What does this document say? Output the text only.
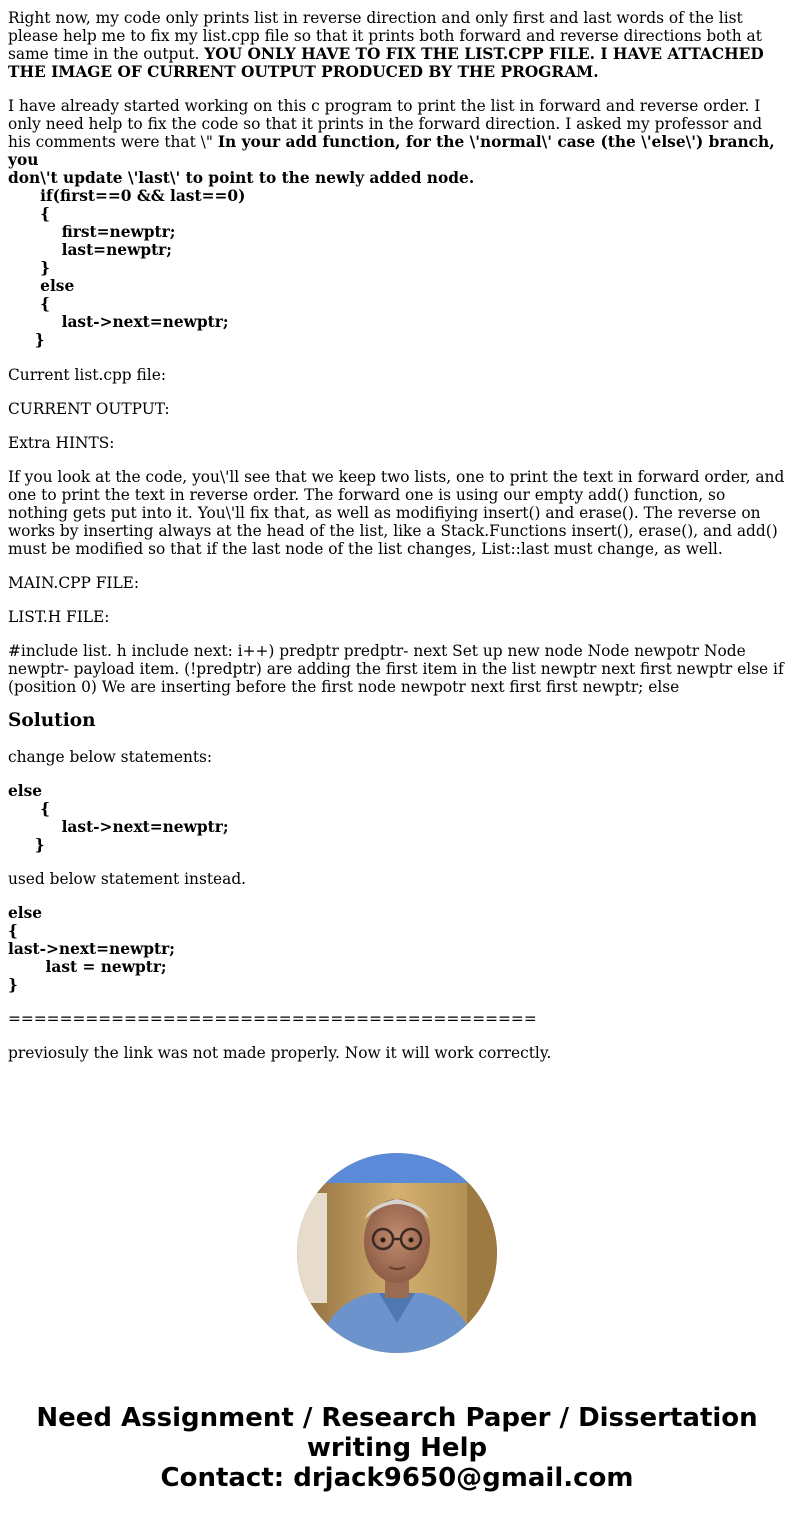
Right now, my code only prints list in reverse direction and only first and last words of the list please help me to fix my list.cpp file so that it prints both forward and reverse directions both at same time in the output. YOU ONLY HAVE TO FIX THE LIST.CPP FILE. I HAVE ATTACHED THE IMAGE OF CURRENT OUTPUT PRODUCED BY THE PROGRAM.

I have already started working on this c program to print the list in forward and reverse order. I only need help to fix the code so that it prints in the forward direction. I asked my professor and his comments were that \" In your add function, for the \'normal\' case (the \'else\') branch, you
don\'t update \'last\' to point to the newly added node.
if(first==0 && last==0)
{
first=newptr;
last=newptr;
}
else
{
last->next=newptr;
}

Current list.cpp file:

CURRENT OUTPUT:

Extra HINTS:

If you look at the code, you\'ll see that we keep two lists, one to print the text in forward order, and one to print the text in reverse order. The forward one is using our empty add() function, so nothing gets put into it. You\'ll fix that, as well as modifiying insert() and erase(). The reverse on works by inserting always at the head of the list, like a Stack.Functions insert(), erase(), and add() must be modified so that if the last node of the list changes, List::last must change, as well.

MAIN.CPP FILE:

LIST.H FILE:

#include list. h include next: i++) predptr predptr- next Set up new node Node newpotr Node newptr- payload item. (!predptr) are adding the first item in the list newptr next first newptr else if (position 0) We are inserting before the first node newpotr next first first newptr; else

Solution

change below statements:

else
{
last->next=newptr;
}

used below statement instead.

else
{
last->next=newptr;
last = newptr;
}

=========================================

previosuly the link was not made properly. Now it will work correctly.

Need Assignment / Research Paper / Dissertation
writing Help
Contact: drjack9650@gmail.com
